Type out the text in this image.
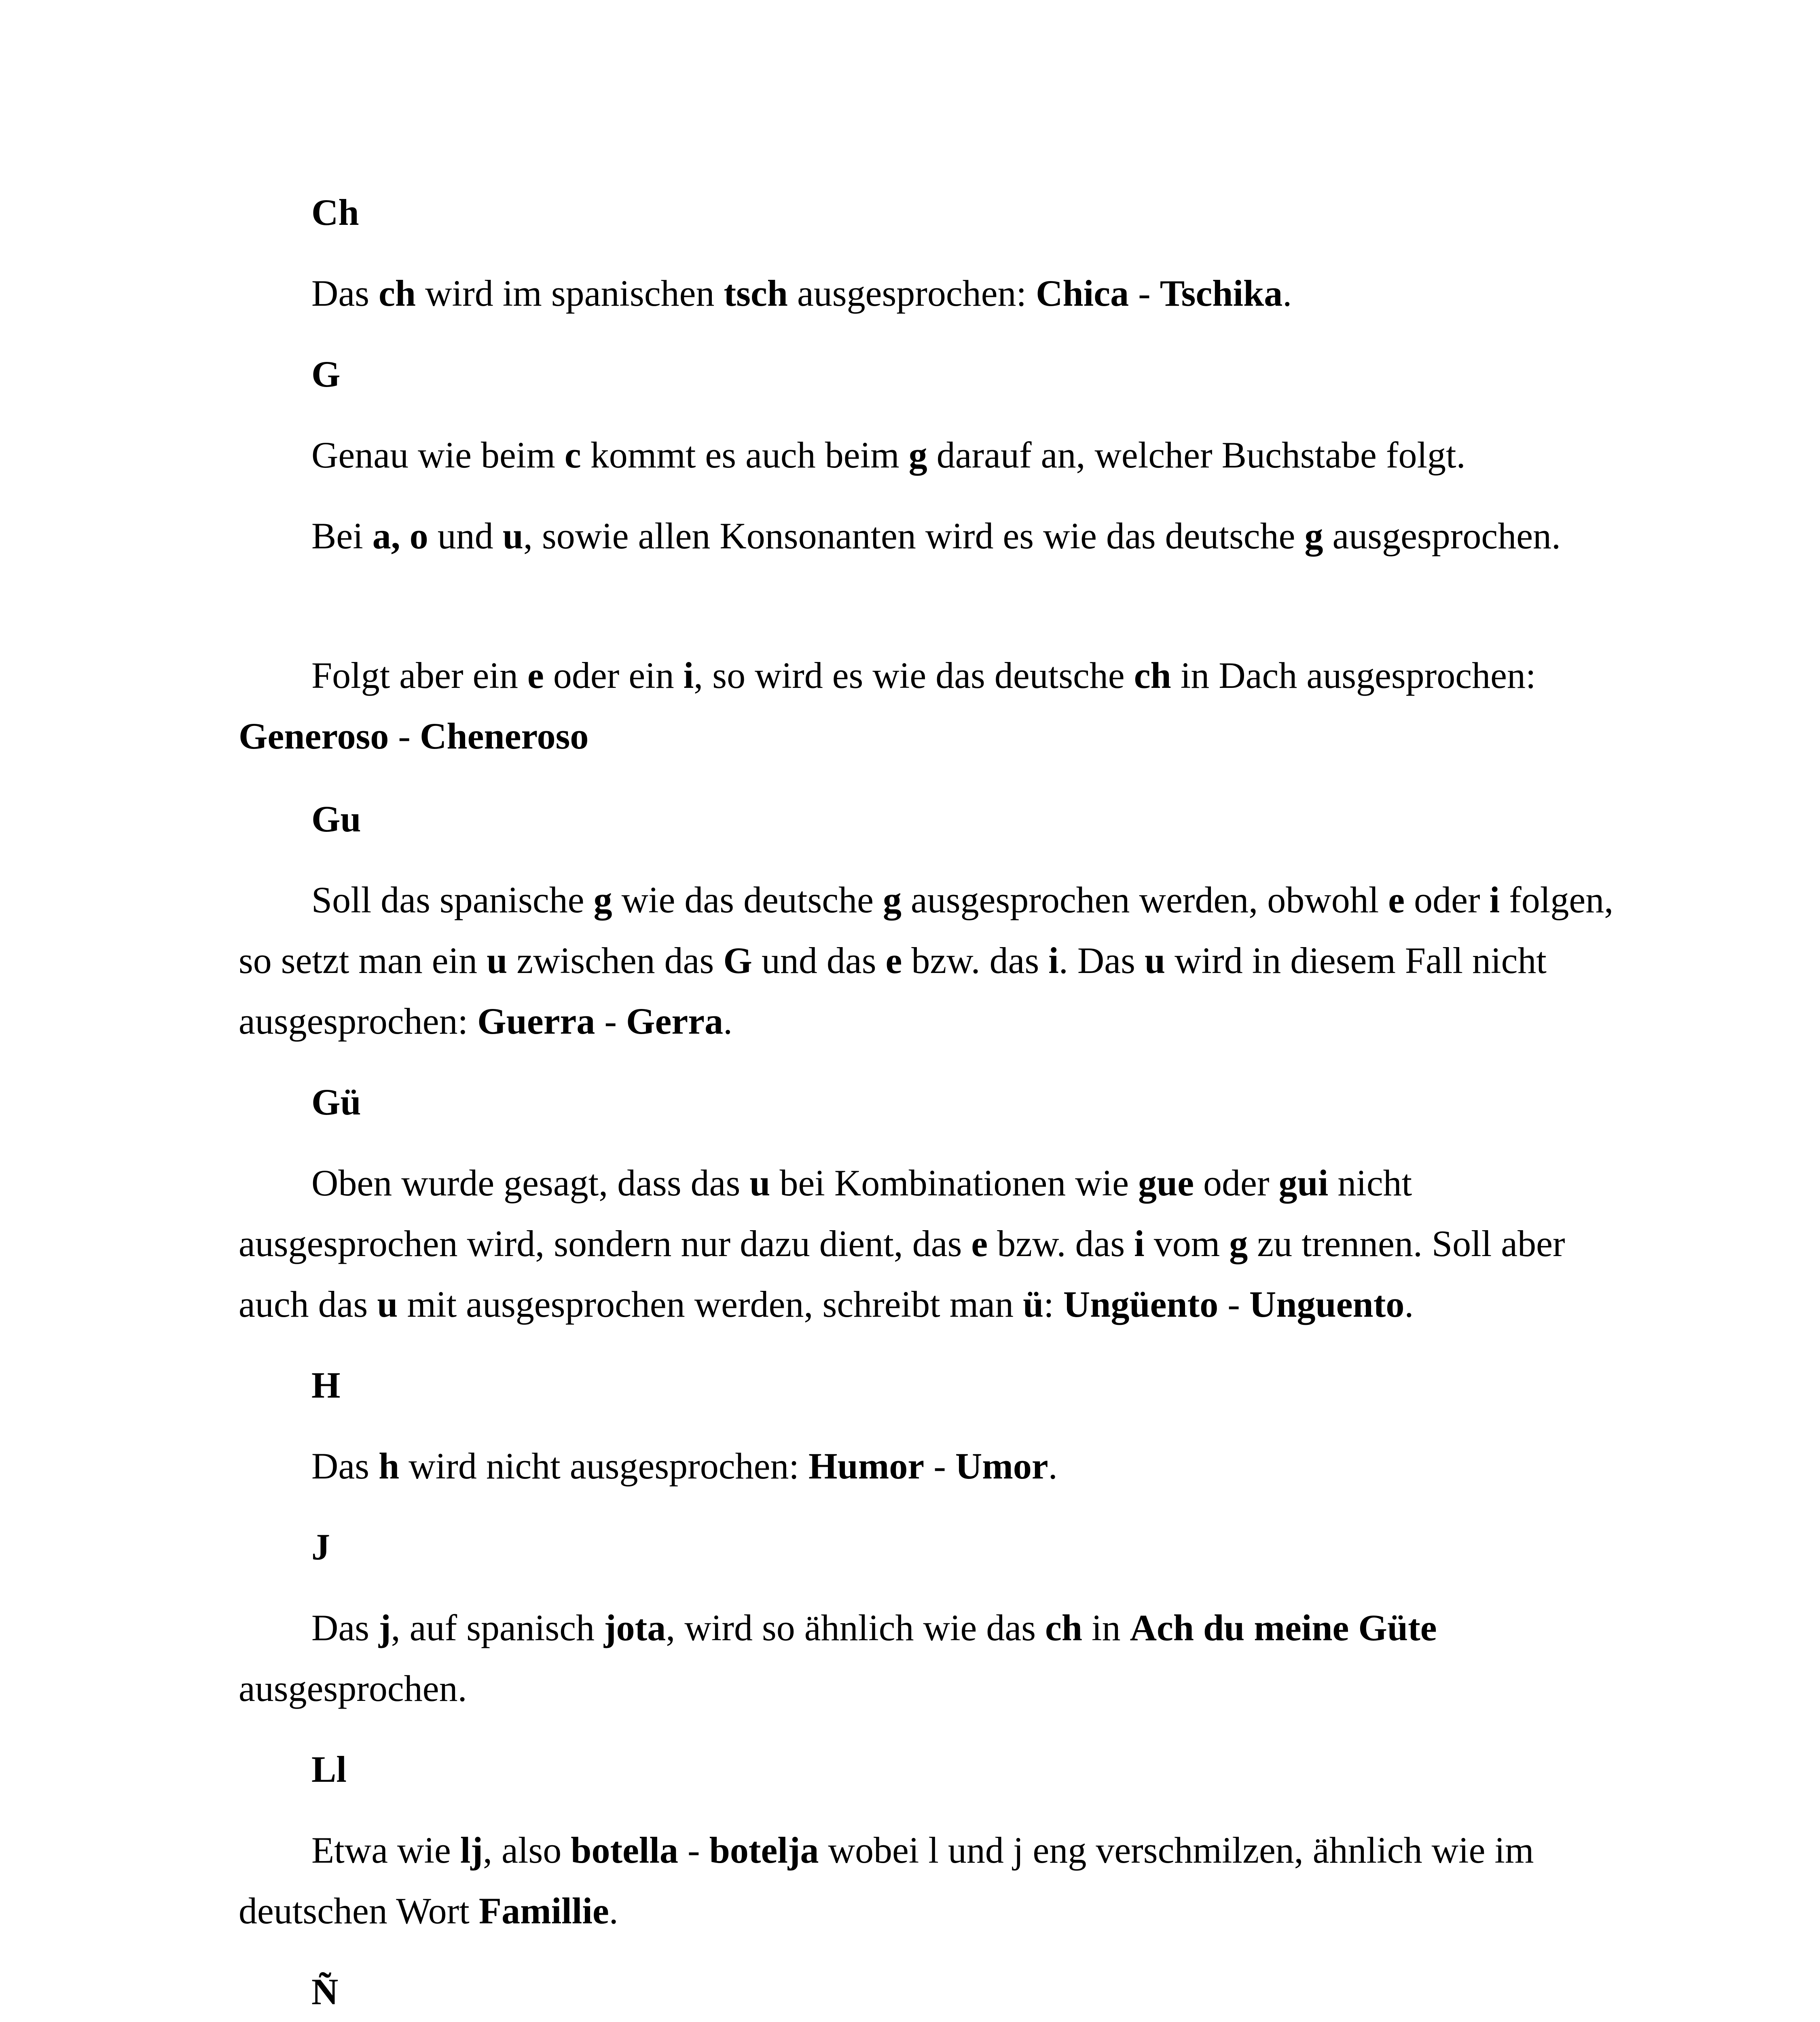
Ch

Das ch wird im spanischen tsch ausgesprochen: Chica - Tschika.

G

Genau wie beim c kommt es auch beim g darauf an, welcher Buchstabe folgt.

Bei a, o und u, sowie allen Konsonanten wird es wie das deutsche g ausgesprochen.

Folgt aber ein e oder ein i, so wird es wie das deutsche ch in Dach ausgesprochen: Generoso - Cheneroso

Gu

Soll das spanische g wie das deutsche g ausgesprochen werden, obwohl e oder i folgen, so setzt man ein u zwischen das G und das e bzw. das i. Das u wird in diesem Fall nicht ausgesprochen: Guerra - Gerra.

Gü

Oben wurde gesagt, dass das u bei Kombinationen wie gue oder gui nicht ausgesprochen wird, sondern nur dazu dient, das e bzw. das i vom g zu trennen. Soll aber auch das u mit ausgesprochen werden, schreibt man ü: Ungüento - Unguento.

H

Das h wird nicht ausgesprochen: Humor - Umor.

J

Das j, auf spanisch jota, wird so ähnlich wie das ch in Ach du meine Güte ausgesprochen.

Ll

Etwa wie lj, also botella - botelja wobei l und j eng verschmilzen, ähnlich wie im deutschen Wort Famillie.

Ñ
